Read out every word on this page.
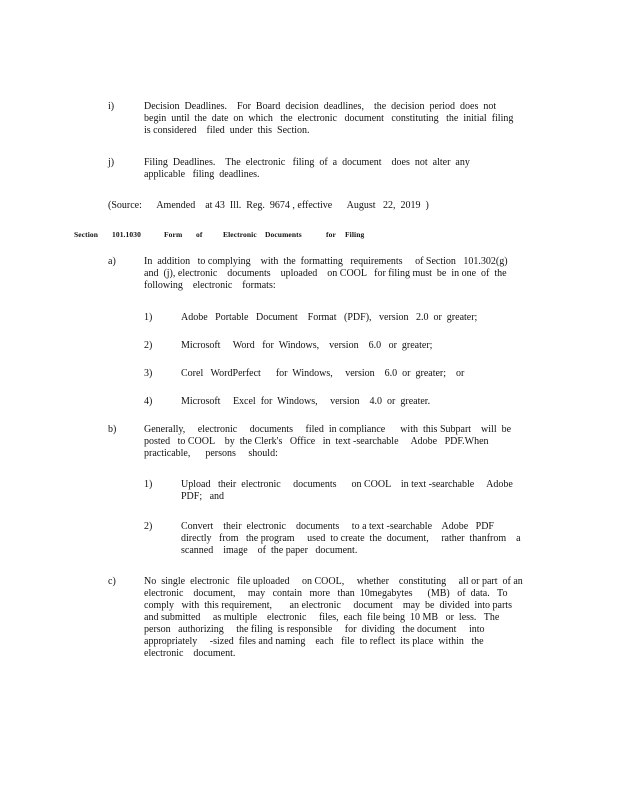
i)	Decision  Deadlines.    For  Board  decision  deadlines,    the  decision  period  does  not
begin  until  the  date  on  which   the  electronic   document   constituting   the  initial  filing
is considered    filed  under  this  Section.
j)	Filing  Deadlines.    The  electronic   filing  of  a  document    does  not  alter  any
applicable   filing  deadlines.
(Source:      Amended    at 43  Ill.  Reg.  9674 , effective      August   22,  2019  )
Section 101.1030	Form of	Electronic Documents	for Filing
a)	In  addition   to complying    with  the  formatting   requirements     of Section   101.302(g)
and  (j), electronic    documents    uploaded    on COOL   for filing must  be  in one  of  the
following    electronic    formats:
1)	Adobe   Portable   Document    Format   (PDF),   version   2.0  or  greater;
2)	Microsoft     Word   for  Windows,    version    6.0   or  greater;
3)	Corel   WordPerfect      for  Windows,     version    6.0  or  greater;    or
4)	Microsoft     Excel  for  Windows,     version    4.0  or  greater.
b)	Generally,     electronic     documents     filed  in compliance      with  this Subpart    will  be
posted   to COOL    by  the Clerk's   Office   in  text -searchable     Adobe   PDF.When
practicable,      persons     should:
1)	Upload   their  electronic     documents      on COOL    in text -searchable     Adobe
PDF;   and
2)	Convert    their  electronic    documents     to a text -searchable    Adobe   PDF
directly   from   the program     used  to create  the  document,     rather  thanfrom    a
scanned    image    of  the paper   document.
c)	No  single  electronic   file uploaded     on COOL,     whether    constituting     all or part  of an
electronic    document,     may   contain   more   than  10megabytes      (MB)   of  data.   To
comply   with  this requirement,       an electronic     document    may  be  divided  into parts
and submitted     as multiple    electronic     files,  each  file being  10 MB   or  less.   The
person   authorizing     the filing  is responsible     for  dividing   the document     into
appropriately     -sized  files and naming    each   file  to reflect  its place  within   the
electronic    document.
